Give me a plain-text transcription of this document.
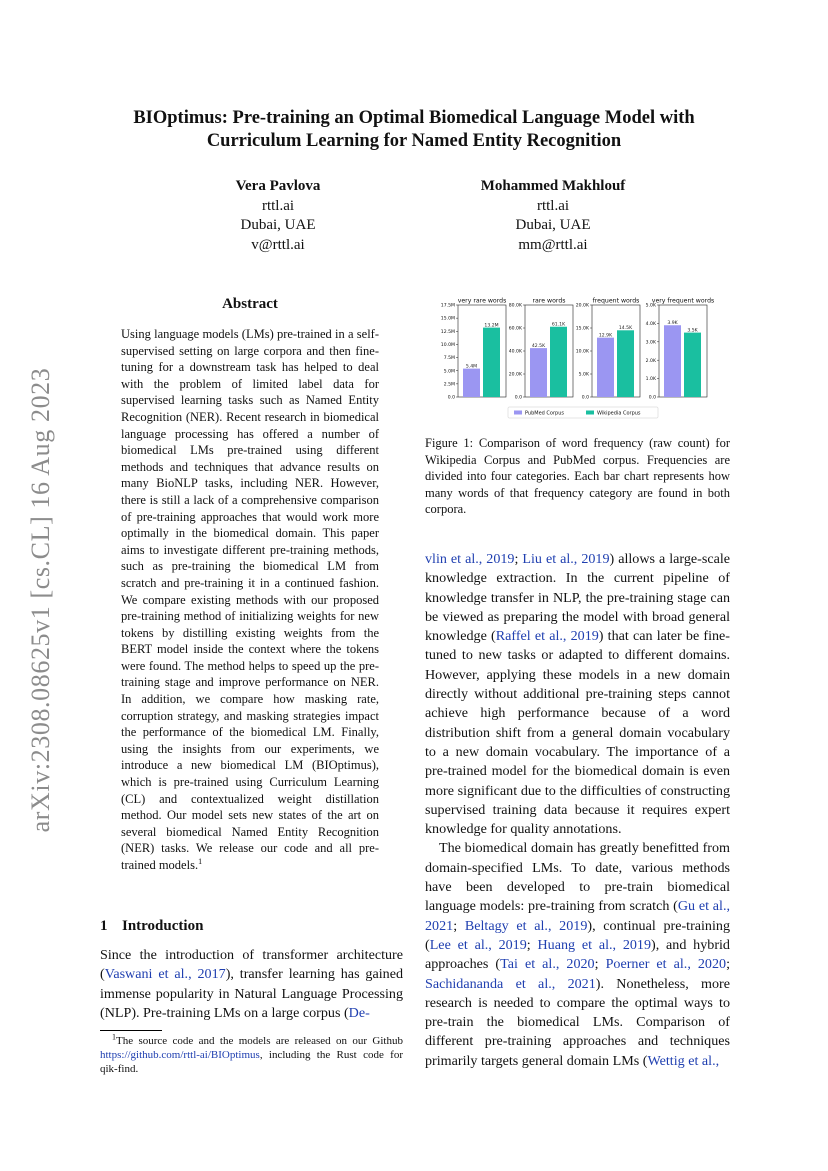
arXiv:2308.08625v1 [cs.CL] 16 Aug 2023
BIOptimus: Pre-training an Optimal Biomedical Language Model with
Curriculum Learning for Named Entity Recognition
Vera Pavlova
rttl.ai
Dubai, UAE
v@rttl.ai
Mohammed Makhlouf
rttl.ai
Dubai, UAE
mm@rttl.ai
Abstract
Using language models (LMs) pre-trained in a self-supervised setting on large corpora and then fine-tuning for a downstream task has helped to deal with the problem of limited label data for supervised learning tasks such as Named Entity Recognition (NER). Recent research in biomedical language processing has offered a number of biomedical LMs pre-trained using different methods and techniques that advance results on many BioNLP tasks, including NER. However, there is still a lack of a comprehensive comparison of pre-training approaches that would work more optimally in the biomedical domain. This paper aims to investigate different pre-training methods, such as pre-training the biomedical LM from scratch and pre-training it in a continued fashion. We compare existing methods with our proposed pre-training method of initializing weights for new tokens by distilling existing weights from the BERT model inside the context where the tokens were found. The method helps to speed up the pre-training stage and improve performance on NER. In addition, we compare how masking rate, corruption strategy, and masking strategies impact the performance of the biomedical LM. Finally, using the insights from our experiments, we introduce a new biomedical LM (BIOptimus), which is pre-trained using Curriculum Learning (CL) and contextualized weight distillation method. Our model sets new states of the art on several biomedical Named Entity Recognition (NER) tasks. We release our code and all pre-trained models.$^1$
1 Introduction
Since the introduction of transformer architecture (Vaswani et al., 2017), transfer learning has gained immense popularity in Natural Language Processing (NLP). Pre-training LMs on a large corpus (De-
$^1$The source code and the models are released on our Github https://github.com/rttl-ai/BIOptimus, including the Rust code for qik-find.
very rare words
0.0
2.5M
5.0M
7.5M
10.0M
12.5M
15.0M
17.5M
5.4M
13.2M
rare words
0.0
20.0K
40.0K
60.0K
80.0K
42.5K
61.1K
frequent words
0.0
5.0K
10.0K
15.0K
20.0K
12.9K
14.5K
very frequent words
0.0
1.0K
2.0K
3.0K
4.0K
5.0K
3.9K
3.5K
PubMed Corpus	Wikipedia Corpus
Figure 1: Comparison of word frequency (raw count) for Wikipedia Corpus and PubMed corpus. Frequencies are divided into four categories. Each bar chart represents how many words of that frequency category are found in both corpora.

vlin et al., 2019; Liu et al., 2019) allows a large-scale knowledge extraction. In the current pipeline of knowledge transfer in NLP, the pre-training stage can be viewed as preparing the model with broad general knowledge (Raffel et al., 2019) that can later be fine-tuned to new tasks or adapted to different domains. However, applying these models in a new domain directly without additional pre-training steps cannot achieve high performance because of a word distribution shift from a general domain vocabulary to a new domain vocabulary. The importance of a pre-trained model for the biomedical domain is even more significant due to the difficulties of constructing supervised training data because it requires expert knowledge for quality annotations.

The biomedical domain has greatly benefitted from domain-specified LMs. To date, various methods have been developed to pre-train biomedical language models: pre-training from scratch (Gu et al., 2021; Beltagy et al., 2019), continual pre-training (Lee et al., 2019; Huang et al., 2019), and hybrid approaches (Tai et al., 2020; Poerner et al., 2020; Sachidananda et al., 2021). Nonetheless, more research is needed to compare the optimal ways to pre-train the biomedical LMs. Comparison of different pre-training approaches and techniques primarily targets general domain LMs (Wettig et al.,
